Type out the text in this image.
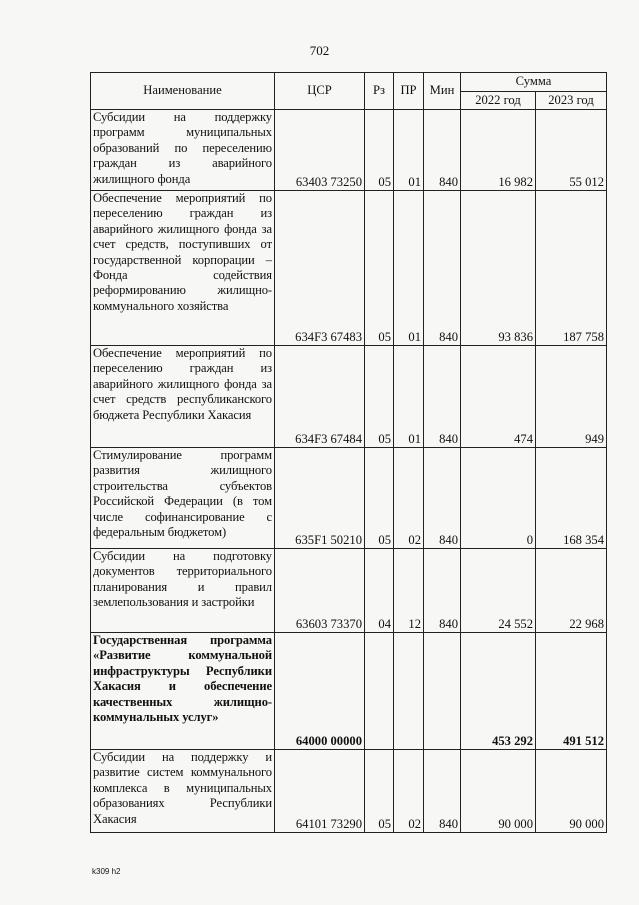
702
Наименование	ЦСР	Рз	ПР	Мин	Сумма	
					2022 год	2023 год
Субсидии на поддержку программ муниципальных образований по переселению граждан из аварийного жилищного фонда	63403 73250	05	01	840	16 982	55 012
Обеспечение мероприятий по переселению граждан из аварийного жилищного фонда за счет средств, поступивших от государственной корпорации – Фонда содействия реформированию жилищно-коммунального хозяйства	634F3 67483	05	01	840	93 836	187 758
Обеспечение мероприятий по переселению граждан из аварийного жилищного фонда за счет средств республиканского бюджета Республики Хакасия	634F3 67484	05	01	840	474	949
Стимулирование программ развития жилищного строительства субъектов Российской Федерации (в том числе софинансирование с федеральным бюджетом)	635F1 50210	05	02	840	0	168 354
Субсидии на подготовку документов территориального планирования и правил землепользования и застройки	63603 73370	04	12	840	24 552	22 968
Государственная программа «Развитие коммунальной инфраструктуры Республики Хакасия и обеспечение качественных жилищно-коммунальных услуг»	64000 00000				453 292	491 512
Субсидии на поддержку и развитие систем коммунального комплекса в муниципальных образованиях Республики Хакасия	64101 73290	05	02	840	90 000	90 000
k309 h2
